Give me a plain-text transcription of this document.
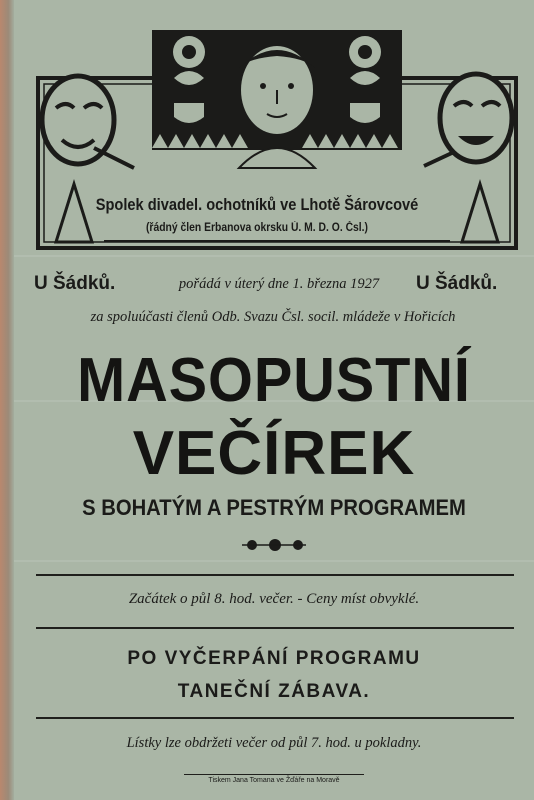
Spolek divadel. ochotníků ve Lhotě Šárovcové
(řádný člen Erbanova okrsku Ú. M. D. O. Čsl.)
U Šádků.	pořádá v úterý dne 1. března 1927	U Šádků.
za spoluúčasti členů Odb. Svazu Čsl. socil. mládeže v Hořicích
MASOPUSTNÍ
VEČÍREK
S BOHATÝM A PESTRÝM PROGRAMEM
Začátek o půl 8. hod. večer. - Ceny míst obvyklé.
PO VYČERPÁNÍ PROGRAMU
TANEČNÍ ZÁBAVA.
Lístky lze obdržeti večer od půl 7. hod. u pokladny.
Tiskem Jana Tomana ve Žďáře na Moravě
